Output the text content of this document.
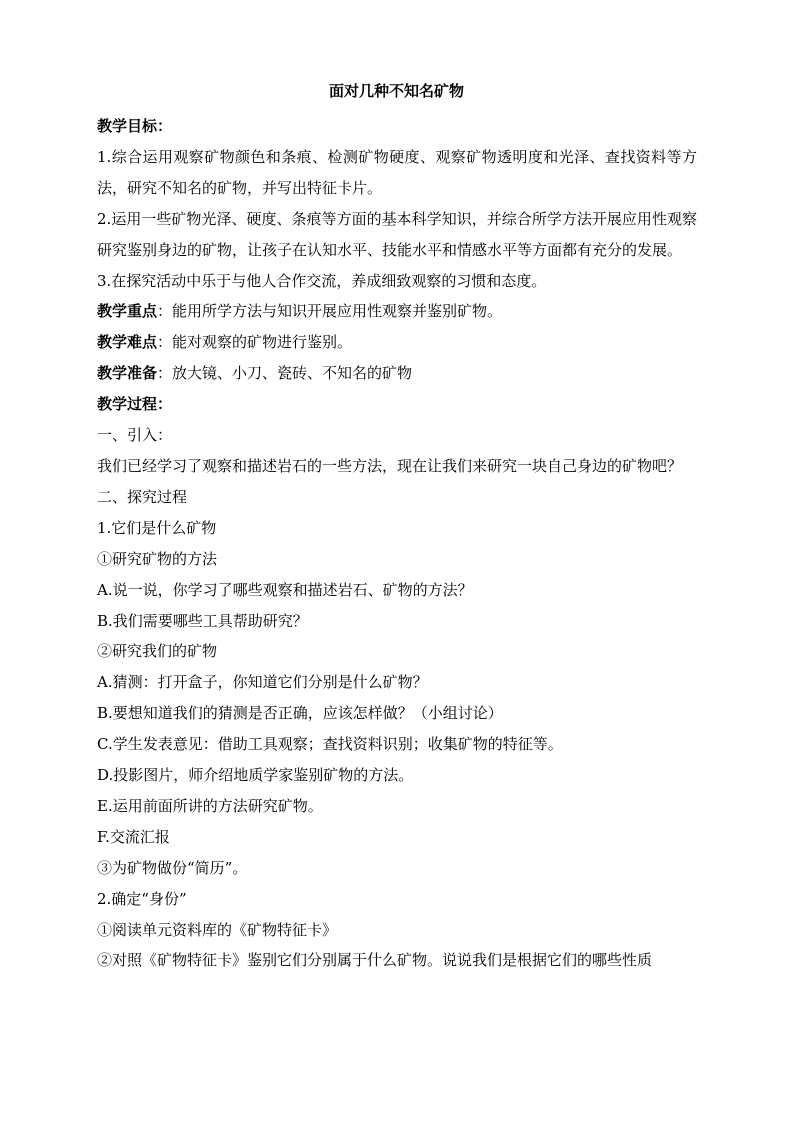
面对几种不知名矿物

教学目标：

1.综合运用观察矿物颜色和条痕、检测矿物硬度、观察矿物透明度和光泽、查找资料等方法，研究不知名的矿物，并写出特征卡片。

2.运用一些矿物光泽、硬度、条痕等方面的基本科学知识，并综合所学方法开展应用性观察研究鉴别身边的矿物，让孩子在认知水平、技能水平和情感水平等方面都有充分的发展。

3.在探究活动中乐于与他人合作交流，养成细致观察的习惯和态度。

教学重点：能用所学方法与知识开展应用性观察并鉴别矿物。

教学难点：能对观察的矿物进行鉴别。

教学准备：放大镜、小刀、瓷砖、不知名的矿物

教学过程：

一、引入：

我们已经学习了观察和描述岩石的一些方法，现在让我们来研究一块自己身边的矿物吧？

二、探究过程

1.它们是什么矿物

①研究矿物的方法

A.说一说，你学习了哪些观察和描述岩石、矿物的方法？

B.我们需要哪些工具帮助研究？

②研究我们的矿物

A.猜测：打开盒子，你知道它们分别是什么矿物？

B.要想知道我们的猜测是否正确，应该怎样做？（小组讨论）

C.学生发表意见：借助工具观察；查找资料识别；收集矿物的特征等。

D.投影图片，师介绍地质学家鉴别矿物的方法。

E.运用前面所讲的方法研究矿物。

F.交流汇报

③为矿物做份“简历”。

2.确定“身份”

①阅读单元资料库的《矿物特征卡》

②对照《矿物特征卡》鉴别它们分别属于什么矿物。说说我们是根据它们的哪些性质
